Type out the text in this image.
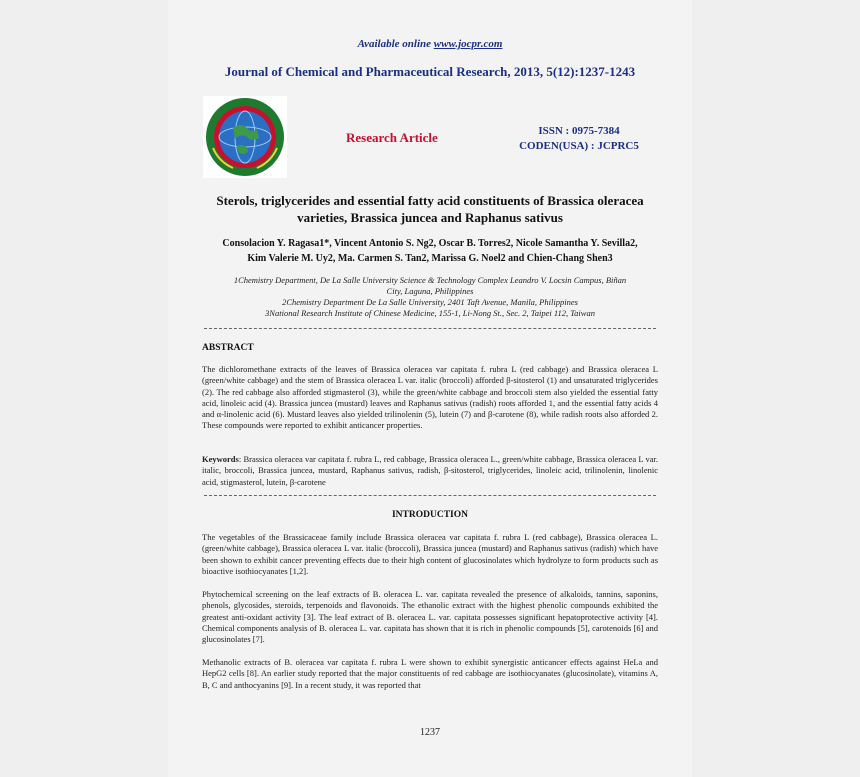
Available online www.jocpr.com
Journal of Chemical and Pharmaceutical Research, 2013, 5(12):1237-1243
Research Article	ISSN : 0975-7384
CODEN(USA) : JCPRC5
Sterols, triglycerides and essential fatty acid constituents of Brassica oleracea
varieties, Brassica juncea and Raphanus sativus
Consolacion Y. Ragasa1*, Vincent Antonio S. Ng2, Oscar B. Torres2, Nicole Samantha Y. Sevilla2,
Kim Valerie M. Uy2, Ma. Carmen S. Tan2, Marissa G. Noel2 and Chien-Chang Shen3
1Chemistry Department, De La Salle University Science & Technology Complex Leandro V. Locsin Campus, Biñan
City, Laguna, Philippines
2Chemistry Department De La Salle University, 2401 Taft Avenue, Manila, Philippines
3National Research Institute of Chinese Medicine, 155-1, Li-Nong St., Sec. 2, Taipei 112, Taiwan
ABSTRACT
The dichloromethane extracts of the leaves of Brassica oleracea var capitata f. rubra L (red cabbage) and Brassica oleracea L (green/white cabbage) and the stem of Brassica oleracea L var. italic (broccoli) afforded β-sitosterol (1) and unsaturated triglycerides (2). The red cabbage also afforded stigmasterol (3), while the green/white cabbage and broccoli stem also yielded the essential fatty acid, linoleic acid (4). Brassica juncea (mustard) leaves and Raphanus sativus (radish) roots afforded 1, and the essential fatty acids 4 and α-linolenic acid (6). Mustard leaves also yielded trilinolenin (5), lutein (7) and β-carotene (8), while radish roots also afforded 2. These compounds were reported to exhibit anticancer properties.
Keywords: Brassica oleracea var capitata f. rubra L, red cabbage, Brassica oleracea L., green/white cabbage, Brassica oleracea L var. italic, broccoli, Brassica juncea, mustard, Raphanus sativus, radish, β-sitosterol, triglycerides, linoleic acid, trilinolenin, linolenic acid, stigmasterol, lutein, β-carotene
INTRODUCTION
The vegetables of the Brassicaceae family include Brassica oleracea var capitata f. rubra L (red cabbage), Brassica oleracea L. (green/white cabbage), Brassica oleracea L var. italic (broccoli), Brassica juncea (mustard) and Raphanus sativus (radish) which have been shown to exhibit cancer preventing effects due to their high content of glucosinolates which hydrolyze to form products such as bioactive isothiocyanates [1,2].
Phytochemical screening on the leaf extracts of B. oleracea L. var. capitata revealed the presence of alkaloids, tannins, saponins, phenols, glycosides, steroids, terpenoids and flavonoids. The ethanolic extract with the highest phenolic compounds exhibited the greatest anti-oxidant activity [3]. The leaf extract of B. oleracea L. var. capitata possesses significant hepatoprotective activity [4]. Chemical components analysis of B. oleracea L. var. capitata has shown that it is rich in phenolic compounds [5], carotenoids [6] and glucosinolates [7].
Methanolic extracts of B. oleracea var capitata f. rubra L were shown to exhibit synergistic anticancer effects against HeLa and HepG2 cells [8]. An earlier study reported that the major constituents of red cabbage are isothiocyanates (glucosinolate), vitamins A, B, C and anthocyanins [9]. In a recent study, it was reported that
1237
